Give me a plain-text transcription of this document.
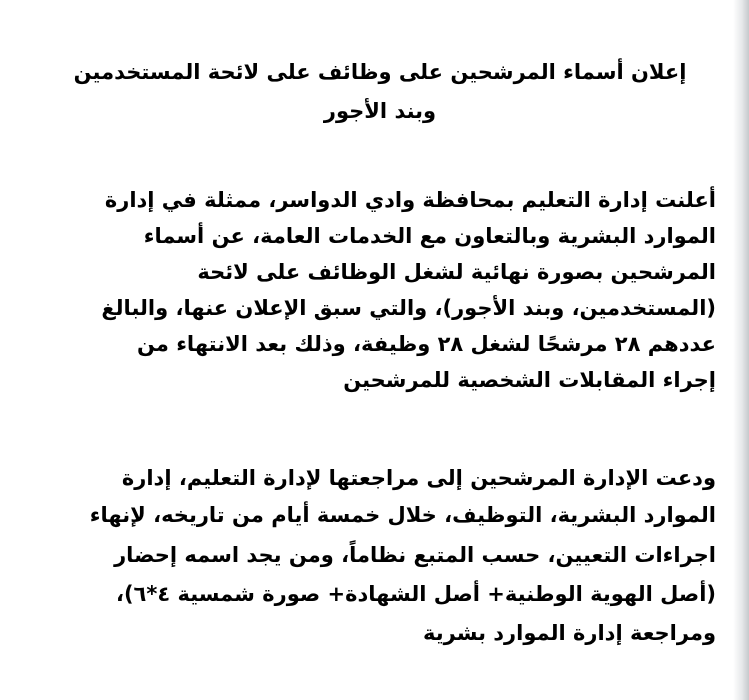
إعلان أسماء المرشحين على وظائف على لائحة المستخدمين
وبند الأجور
أعلنت إدارة التعليم بمحافظة وادي الدواسر، ممثلة في إدارة
الموارد البشرية وبالتعاون مع الخدمات العامة، عن أسماء
المرشحين بصورة نهائية لشغل الوظائف على لائحة
(المستخدمين، وبند الأجور)، والتي سبق الإعلان عنها، والبالغ
عددهم ٢٨ مرشحًا لشغل ٢٨ وظيفة، وذلك بعد الانتهاء من
إجراء المقابلات الشخصية للمرشحين
ودعت الإدارة المرشحين إلى مراجعتها لإدارة التعليم، إدارة
الموارد البشرية، التوظيف، خلال خمسة أيام من تاريخه، لإنهاء
اجراءات التعيين، حسب المتبع نظاماً، ومن يجد اسمه إحضار
(أصل الهوية الوطنية+ أصل الشهادة+ صورة شمسية ٤*٦)،
ومراجعة إدارة الموارد بشرية
